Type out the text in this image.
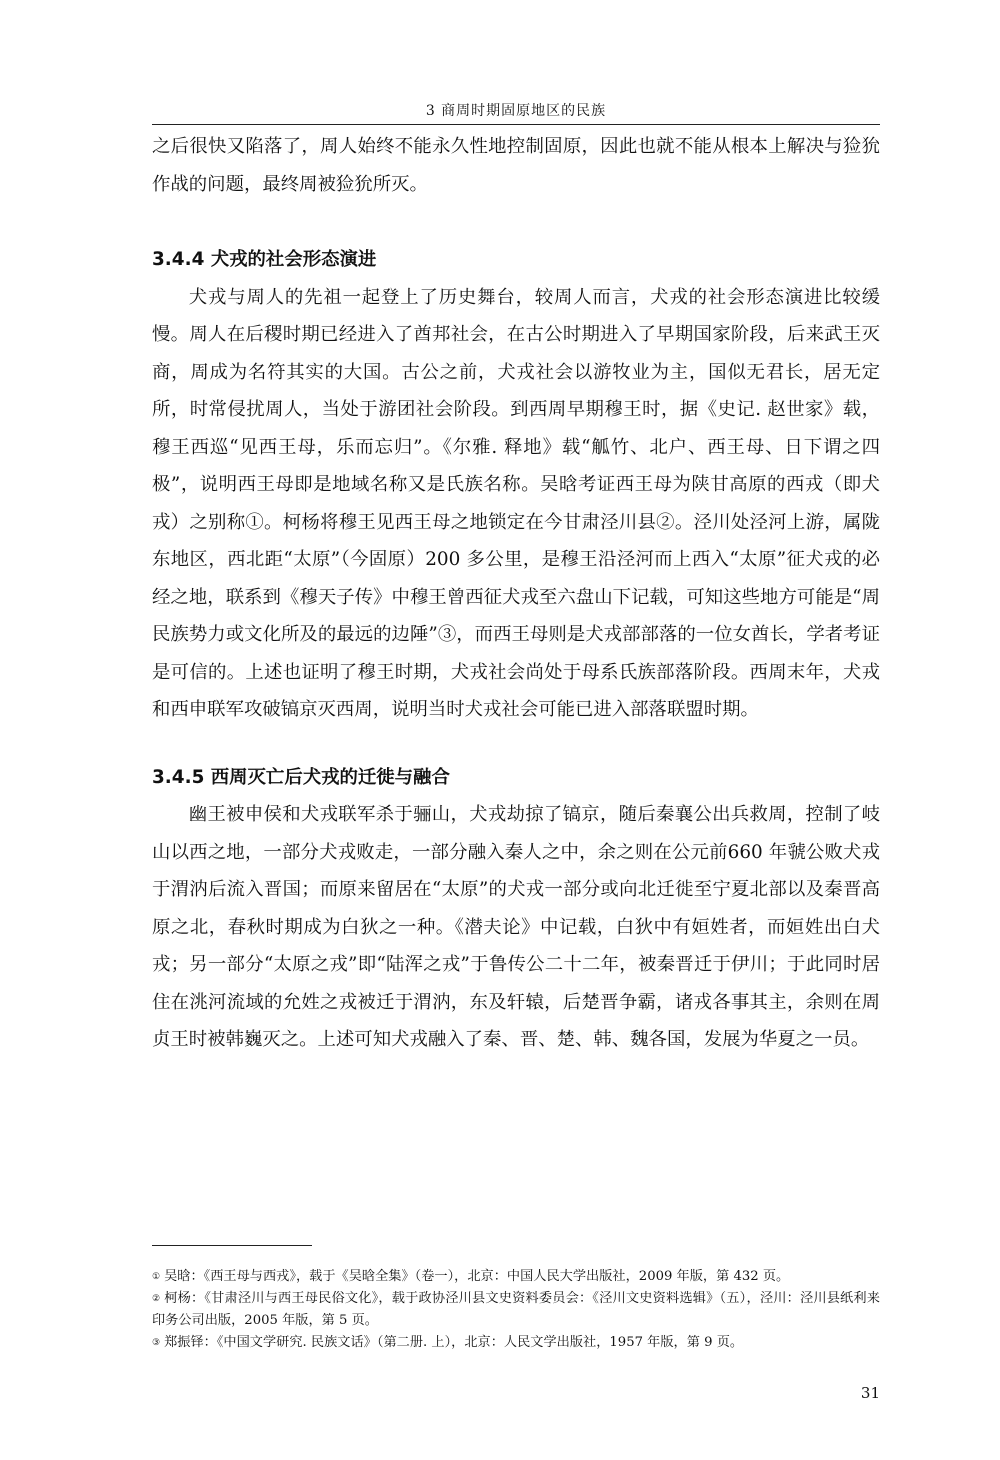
3 商周时期固原地区的民族

之后很快又陷落了，周人始终不能永久性地控制固原，因此也就不能从根本上解决与猃狁作战的问题，最终周被猃狁所灭。

3.4.4 犬戎的社会形态演进

犬戎与周人的先祖一起登上了历史舞台，较周人而言，犬戎的社会形态演进比较缓慢。周人在后稷时期已经进入了酋邦社会，在古公时期进入了早期国家阶段，后来武王灭商，周成为名符其实的大国。古公之前，犬戎社会以游牧业为主，国似无君长，居无定所，时常侵扰周人，当处于游团社会阶段。到西周早期穆王时，据《史记. 赵世家》载，穆王西巡“见西王母，乐而忘归”。《尔雅. 释地》载“觚竹、北户、西王母、日下谓之四极”，说明西王母即是地域名称又是氏族名称。吴晗考证西王母为陕甘高原的西戎（即犬戎）之别称①。柯杨将穆王见西王母之地锁定在今甘肃泾川县②。泾川处泾河上游，属陇东地区，西北距“太原”（今固原）200 多公里，是穆王沿泾河而上西入“太原”征犬戎的必经之地，联系到《穆天子传》中穆王曾西征犬戎至六盘山下记载，可知这些地方可能是“周民族势力或文化所及的最远的边陲”③，而西王母则是犬戎部部落的一位女酋长，学者考证是可信的。上述也证明了穆王时期，犬戎社会尚处于母系氏族部落阶段。西周末年，犬戎和西申联军攻破镐京灭西周，说明当时犬戎社会可能已进入部落联盟时期。

3.4.5 西周灭亡后犬戎的迁徙与融合

幽王被申侯和犬戎联军杀于骊山，犬戎劫掠了镐京，随后秦襄公出兵救周，控制了岐山以西之地，一部分犬戎败走，一部分融入秦人之中，余之则在公元前660 年虢公败犬戎于渭汭后流入晋国；而原来留居在“太原”的犬戎一部分或向北迁徙至宁夏北部以及秦晋高原之北，春秋时期成为白狄之一种。《潜夫论》中记载，白狄中有姮姓者，而姮姓出白犬戎；另一部分“太原之戎”即“陆浑之戎”于鲁传公二十二年，被秦晋迁于伊川；于此同时居住在洮河流域的允姓之戎被迁于渭汭，东及轩辕，后楚晋争霸，诸戎各事其主，余则在周贞王时被韩巍灭之。上述可知犬戎融入了秦、晋、楚、韩、魏各国，发展为华夏之一员。

① 吴晗：《西王母与西戎》，载于《吴晗全集》（卷一），北京：中国人民大学出版社，2009 年版，第 432 页。

② 柯杨：《甘肃泾川与西王母民俗文化》，载于政协泾川县文史资料委员会：《泾川文史资料选辑》（五），泾川：泾川县纸利来印务公司出版，2005 年版，第 5 页。

③ 郑振铎：《中国文学研究. 民族文话》（第二册. 上），北京：人民文学出版社，1957 年版，第 9 页。

31
